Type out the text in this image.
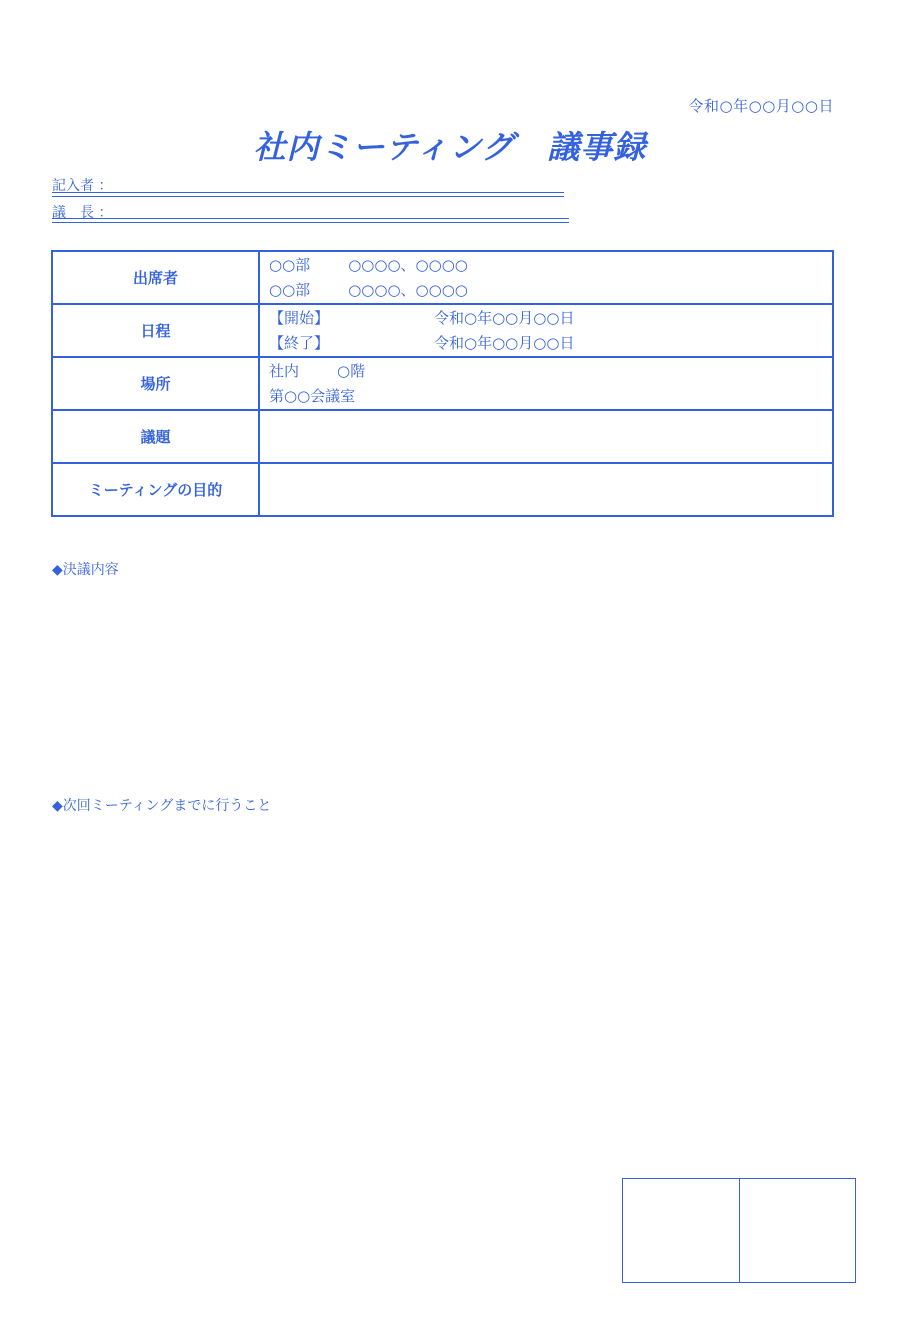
令和○年○○月○○日
社内ミーティング　議事録
記入者 ：
議　長 ：
出席者	○○部 ○○○○、○○○○
○○部 ○○○○、○○○○

日程	【開始】 令和○年○○月○○日
【終了】 令和○年○○月○○日

場所	社内 ○階
第○○会議室

議題	
ミーティングの目的	
◆決議内容
◆次回ミーティングまでに行うこと
